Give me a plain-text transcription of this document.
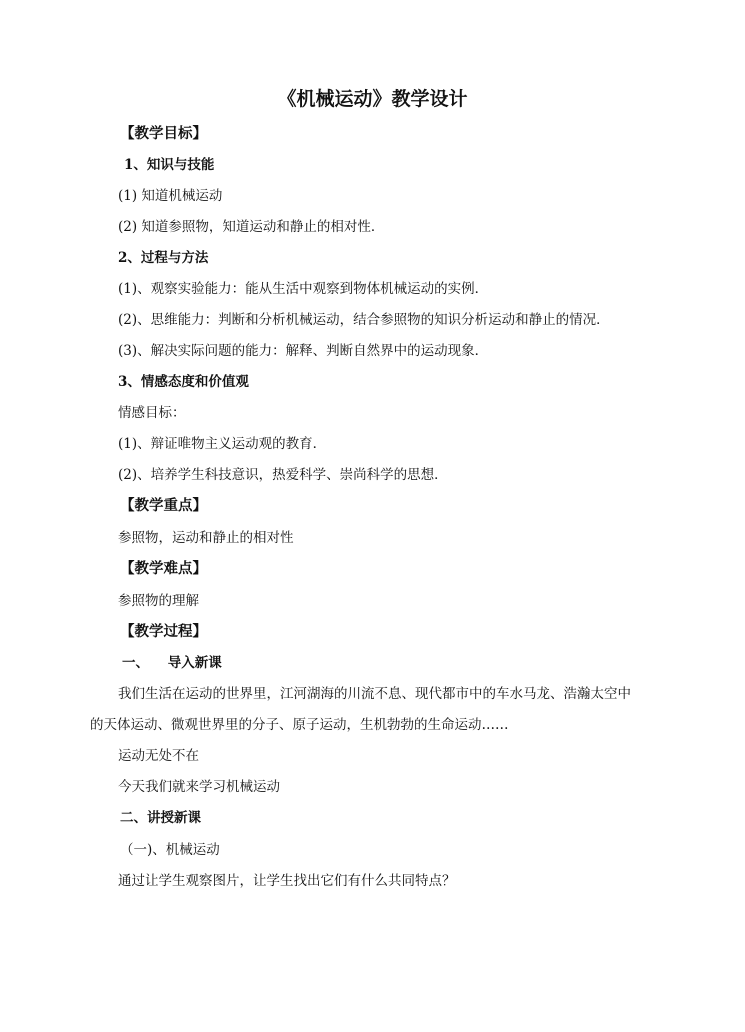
《机械运动》教学设计
【教学目标】
1、知识与技能
(1) 知道机械运动
(2) 知道参照物，知道运动和静止的相对性．
2、过程与方法
(1)、观察实验能力：能从生活中观察到物体机械运动的实例．
(2)、思维能力：判断和分析机械运动，结合参照物的知识分析运动和静止的情况．
(3)、解决实际问题的能力：解释、判断自然界中的运动现象．
3、情感态度和价值观
情感目标：
(1)、辩证唯物主义运动观的教育．
(2)、培养学生科技意识，热爱科学、崇尚科学的思想．
【教学重点】
参照物，运动和静止的相对性
【教学难点】
参照物的理解
【教学过程】
一、    导入新课
我们生活在运动的世界里，江河湖海的川流不息、现代都市中的车水马龙、浩瀚太空中
的天体运动、微观世界里的分子、原子运动，生机勃勃的生命运动……
运动无处不在
今天我们就来学习机械运动
二、讲授新课
（一)、机械运动
通过让学生观察图片，让学生找出它们有什么共同特点？
